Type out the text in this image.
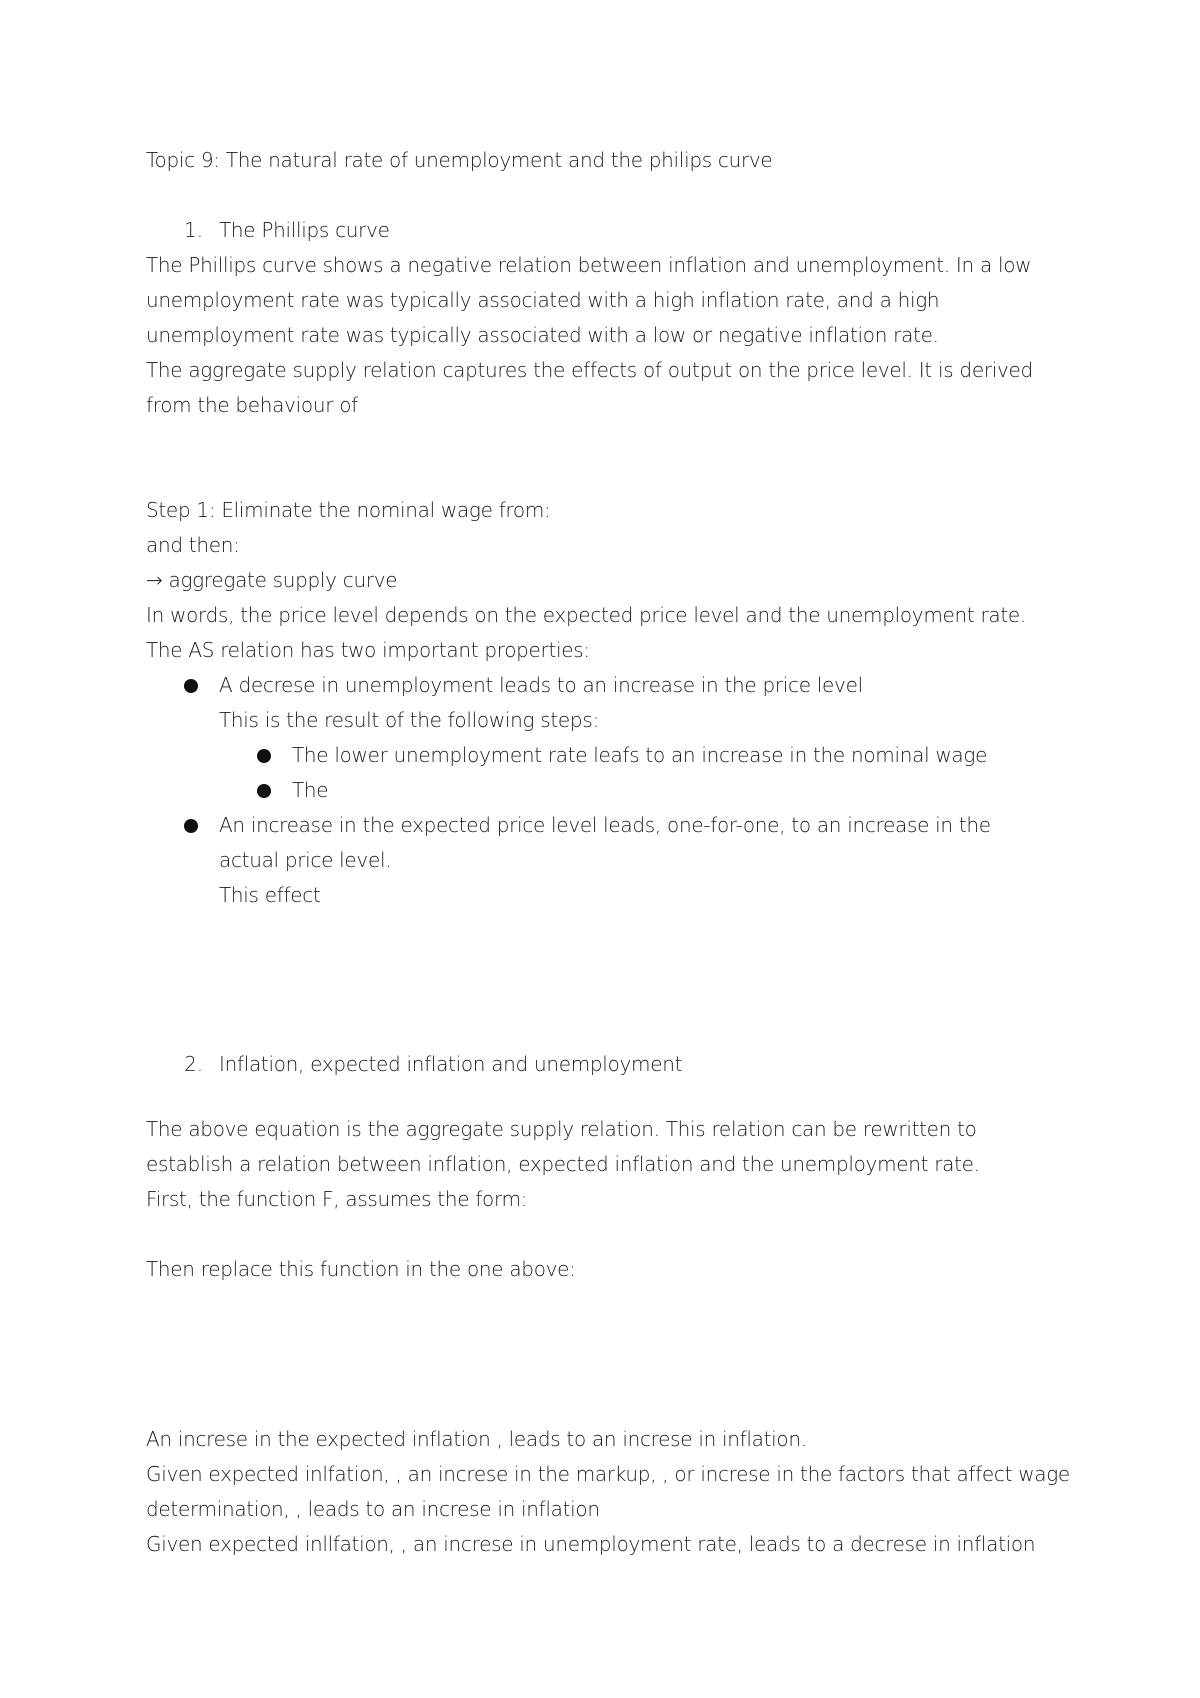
Topic 9: The natural rate of unemployment and the philips curve
1. The Phillips curve
The Phillips curve shows a negative relation between inflation and unemployment. In a low
unemployment rate was typically associated with a high inflation rate, and a high
unemployment rate was typically associated with a low or negative inflation rate.
The aggregate supply relation captures the effects of output on the price level. It is derived
from the behaviour of
Step 1: Eliminate the nominal wage from:
and then:
→ aggregate supply curve
In words, the price level depends on the expected price level and the unemployment rate.
The AS relation has two important properties:
A decrese in unemployment leads to an increase in the price level
This is the result of the following steps:
The lower unemployment rate leafs to an increase in the nominal wage
The
An increase in the expected price level leads, one-for-one, to an increase in the
actual price level.
This effect
2. Inflation, expected inflation and unemployment
The above equation is the aggregate supply relation. This relation can be rewritten to
establish a relation between inflation, expected inflation and the unemployment rate.
First, the function F, assumes the form:
Then replace this function in the one above:
An increse in the expected inflation , leads to an increse in inflation.
Given expected inlfation, , an increse in the markup, , or increse in the factors that affect wage
determination, , leads to an increse in inflation
Given expected inllfation, , an increse in unemployment rate, leads to a decrese in inflation
